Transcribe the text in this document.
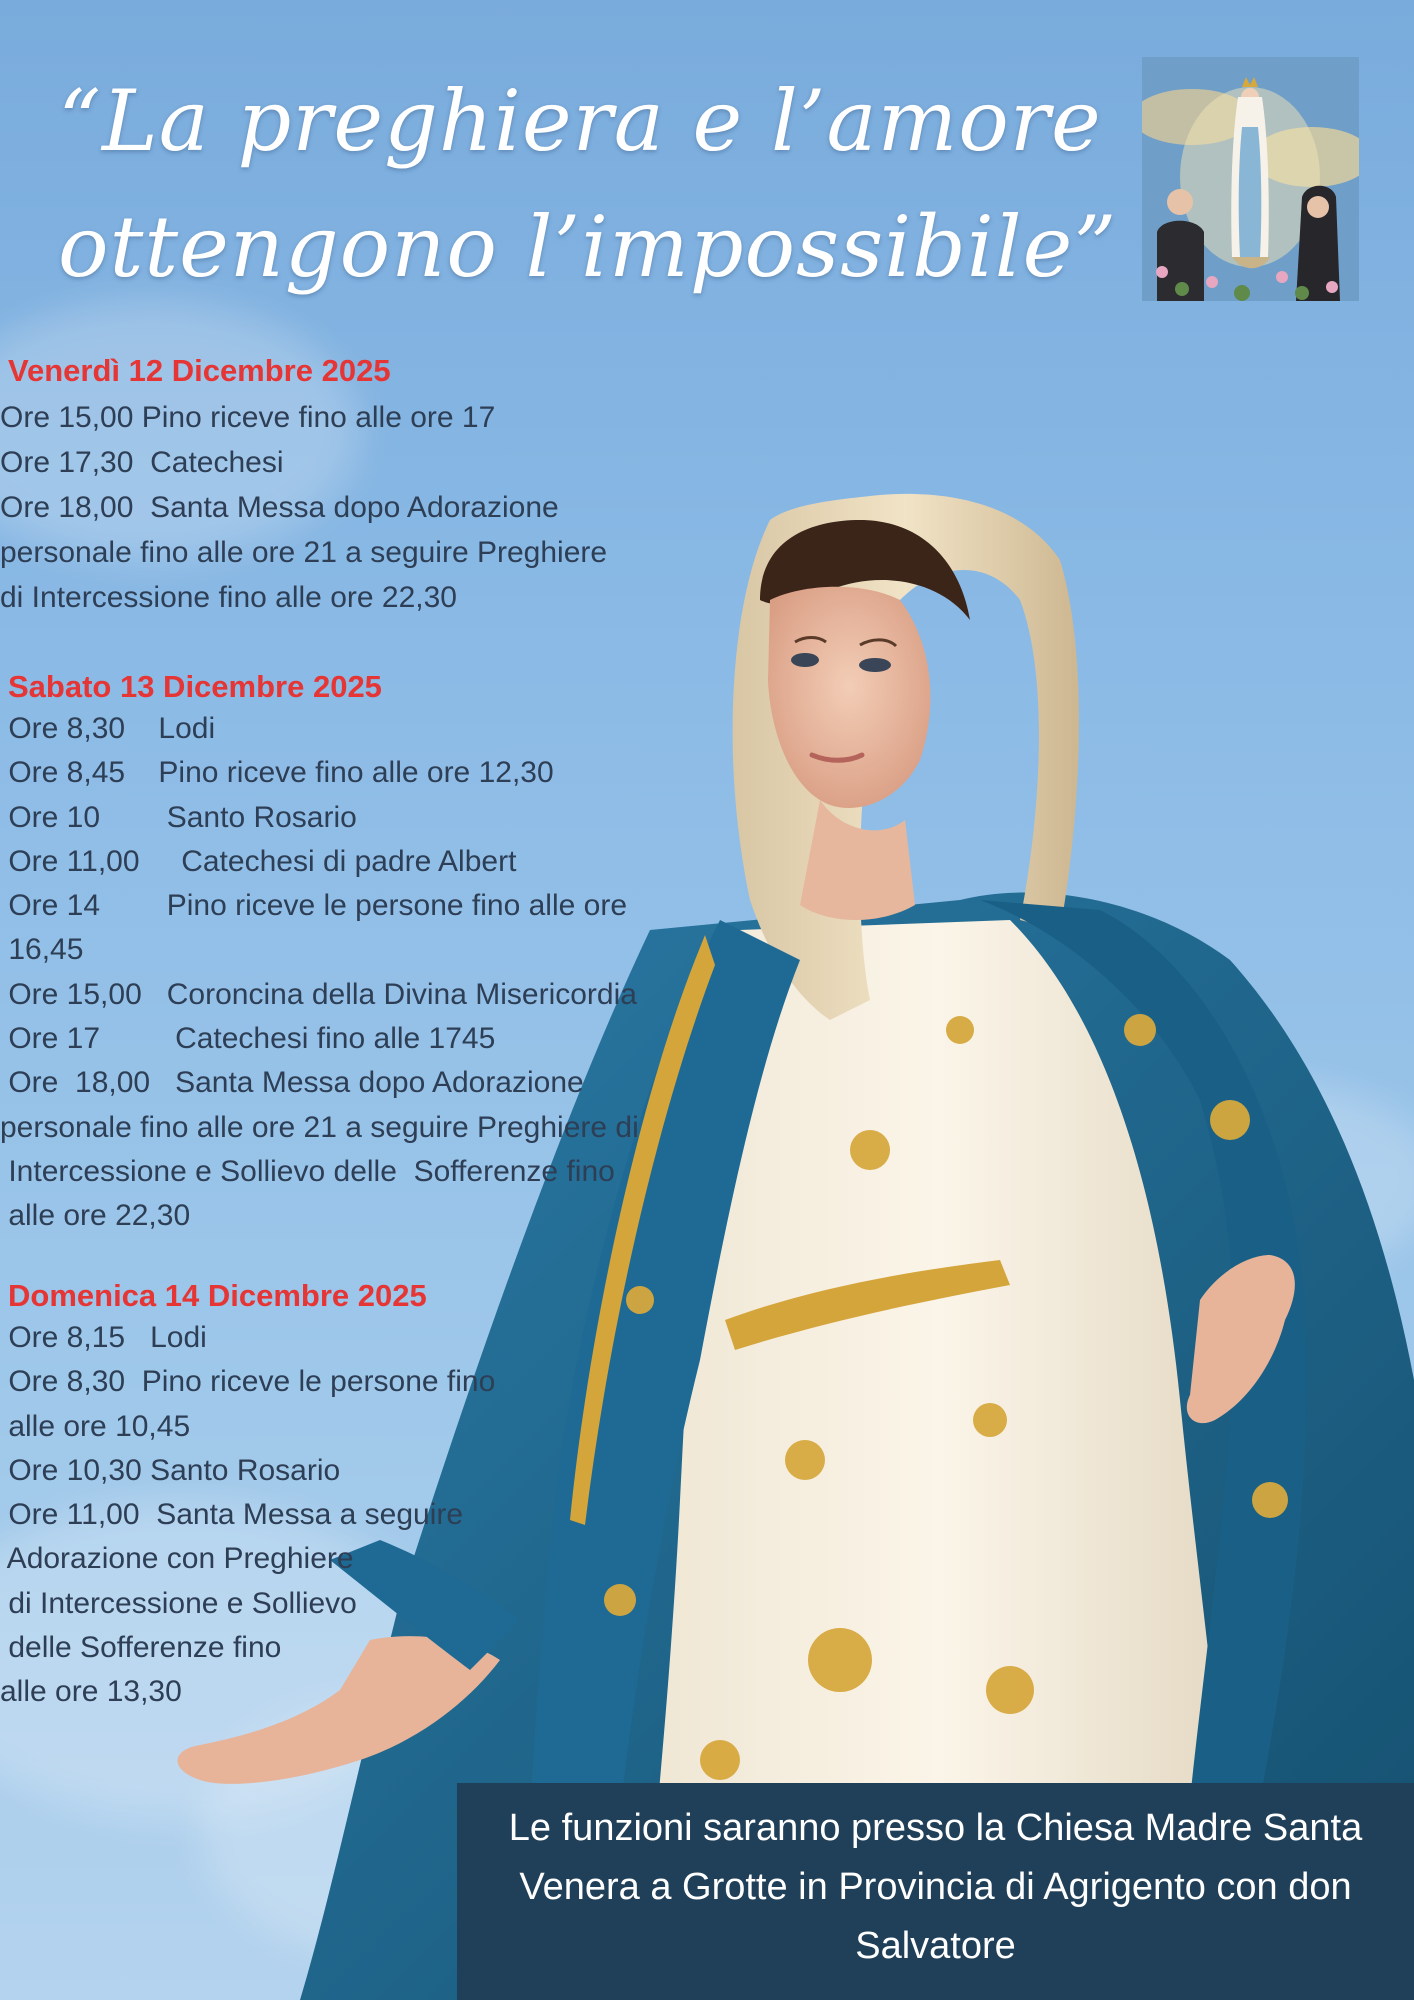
“La preghiera e l’amore
ottengono l’impossibile”
Venerdì 12 Dicembre 2025
Ore 15,00 Pino riceve fino alle ore 17
Ore 17,30  Catechesi
Ore 18,00  Santa Messa dopo Adorazione
personale fino alle ore 21 a seguire Preghiere
di Intercessione fino alle ore 22,30
Sabato 13 Dicembre 2025
Ore 8,30    Lodi
Ore 8,45    Pino riceve fino alle ore 12,30
Ore 10        Santo Rosario
Ore 11,00     Catechesi di padre Albert
Ore 14        Pino riceve le persone fino alle ore
16,45
Ore 15,00   Coroncina della Divina Misericordia
Ore 17         Catechesi fino alle 1745
Ore  18,00   Santa Messa dopo Adorazione
personale fino alle ore 21 a seguire Preghiere di
Intercessione e Sollievo delle  Sofferenze fino
alle ore 22,30
Domenica 14 Dicembre 2025
Ore 8,15   Lodi
Ore 8,30  Pino riceve le persone fino
alle ore 10,45
Ore 10,30 Santo Rosario
Ore 11,00  Santa Messa a seguire
Adorazione con Preghiere
di Intercessione e Sollievo
delle Sofferenze fino
alle ore 13,30
Le funzioni saranno presso la Chiesa Madre Santa
Venera a Grotte in Provincia di Agrigento con don
Salvatore
